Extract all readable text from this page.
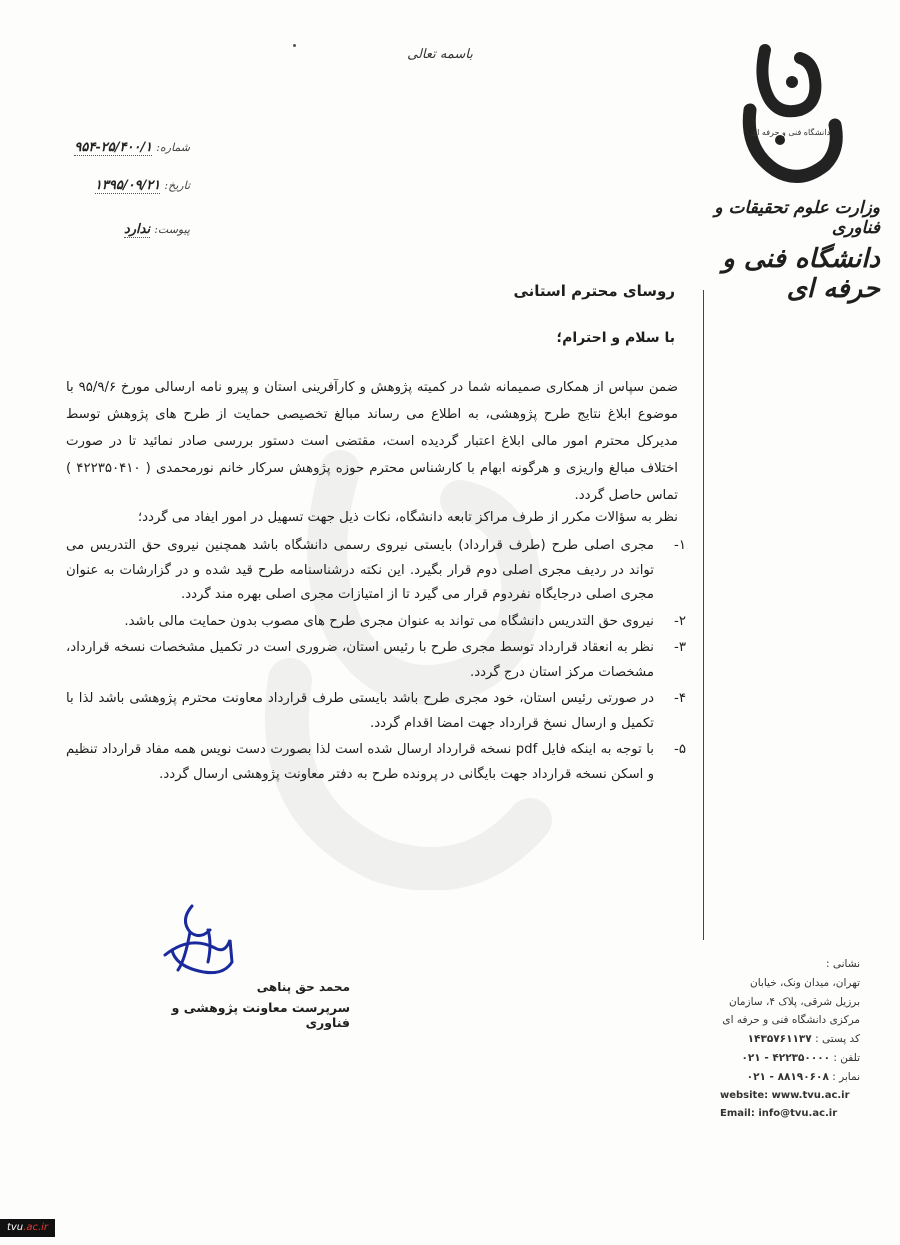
باسمه تعالی
شماره: ۲۵/۴۰۰/۱-۹۵۴
تاریخ: ۱۳۹۵/۰۹/۲۱
پیوست: ندارد
دانشگاه فنی و حرفه ای
وزارت علوم تحقیقات و فناوری
دانشگاه فنی و حرفه ای
روسای محترم استانی
با سلام و احترام؛
ضمن سپاس از همکاری صمیمانه شما در کمیته پژوهش و کارآفرینی استان و پیرو نامه ارسالی مورخ ۹۵/۹/۶ با موضوع ابلاغ نتایج طرح پژوهشی، به اطلاع می رساند مبالغ تخصیصی حمایت از طرح های پژوهش توسط مدیرکل محترم امور مالی ابلاغ اعتبار گردیده است، مقتضی است دستور بررسی صادر نمائید تا در صورت اختلاف مبالغ واریزی و هرگونه ابهام با کارشناس محترم حوزه پژوهش سرکار خانم نورمحمدی ( ۴۲۲۳۵۰۴۱۰ ) تماس حاصل گردد.
نظر به سؤالات مکرر از طرف مراکز تابعه دانشگاه، نکات ذیل جهت تسهیل در امور ایفاد می گردد؛
۱-
مجری اصلی طرح (طرف قرارداد) بایستی نیروی رسمی دانشگاه باشد همچنین نیروی حق التدریس می تواند در ردیف مجری اصلی دوم قرار بگیرد. این نکته درشناسنامه طرح قید شده و در گزارشات به عنوان مجری اصلی درجایگاه نفردوم قرار می گیرد تا از امتیازات مجری اصلی بهره مند گردد.
۲-
نیروی حق التدریس دانشگاه می تواند به عنوان مجری طرح های مصوب بدون حمایت مالی باشد.
۳-
نظر به انعقاد قرارداد توسط مجری طرح با رئیس استان، ضروری است در تکمیل مشخصات نسخه قرارداد، مشخصات مرکز استان درج گردد.
۴-
در صورتی رئیس استان، خود مجری طرح باشد بایستی طرف قرارداد معاونت محترم پژوهشی باشد لذا با تکمیل و ارسال نسخ قرارداد جهت امضا اقدام گردد.
۵-
با توجه به اینکه فایل pdf نسخه قرارداد ارسال شده است لذا بصورت دست نویس همه مفاد قرارداد تنظیم و اسکن نسخه قرارداد جهت بایگانی در پرونده طرح به دفتر معاونت پژوهشی ارسال گردد.
محمد حق پناهی
سرپرست معاونت پژوهشی و فناوری
نشانی :
تهران، میدان ونک، خیابان
برزیل شرقی، پلاک ۴، سازمان
مرکزی دانشگاه فنی و حرفه ای
کد پستی : ۱۴۳۵۷۶۱۱۳۷
تلفن : ۴۲۲۳۵۰۰۰۰ - ۰۲۱
نمابر : ۸۸۱۹۰۶۰۸ - ۰۲۱
website: www.tvu.ac.ir
Email: info@tvu.ac.ir
tvu.ac.ir
